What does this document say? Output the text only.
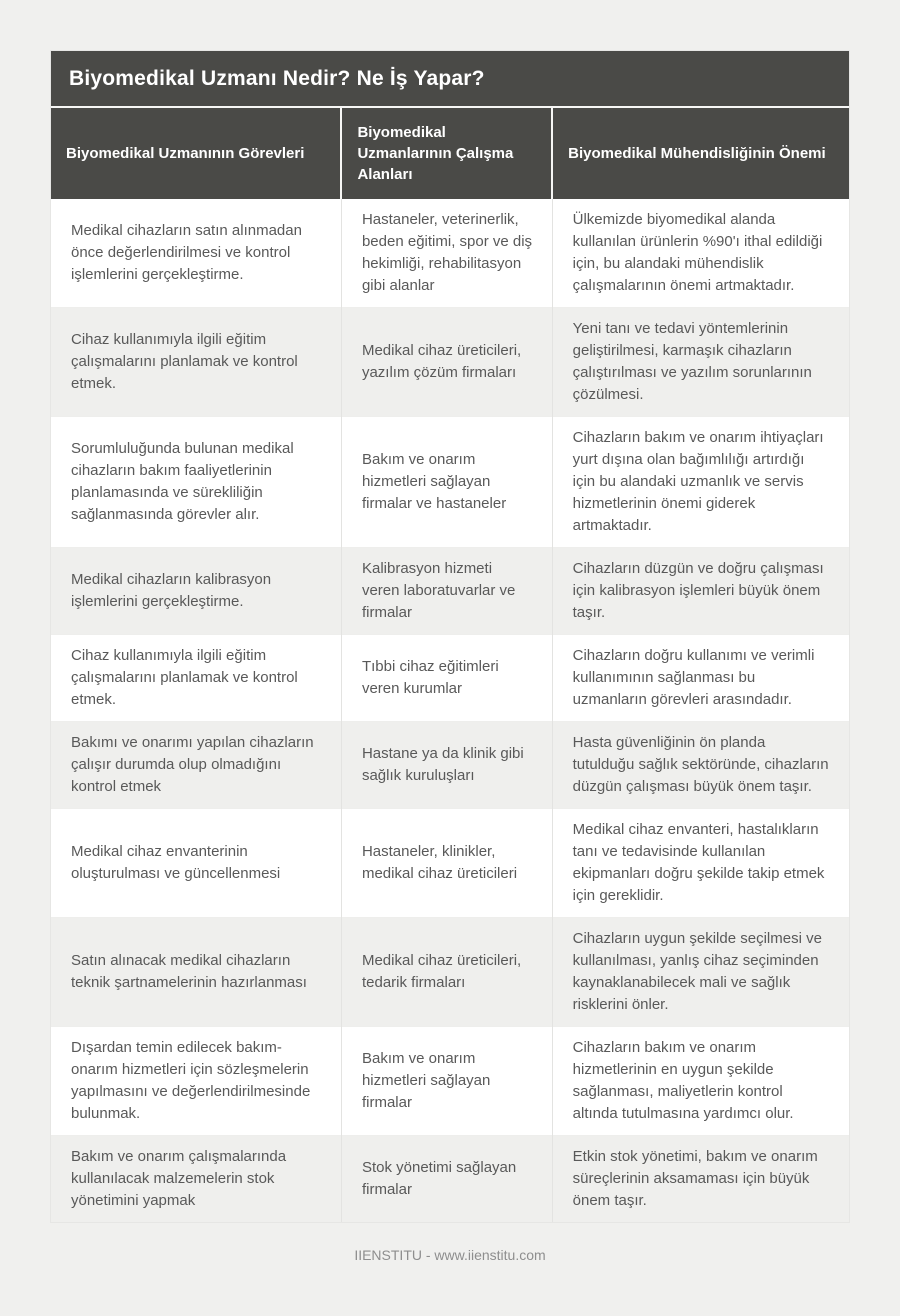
Biyomedikal Uzmanı Nedir? Ne İş Yapar?
Biyomedikal Uzmanının Görevleri	Biyomedikal Uzmanlarının Çalışma Alanları	Biyomedikal Mühendisliğinin Önemi
Medikal cihazların satın alınmadan önce değerlendirilmesi ve kontrol işlemlerini gerçekleştirme.	Hastaneler, veterinerlik, beden eğitimi, spor ve diş hekimliği, rehabilitasyon gibi alanlar	Ülkemizde biyomedikal alanda kullanılan ürünlerin %90'ı ithal edildiği için, bu alandaki mühendislik çalışmalarının önemi artmaktadır.
Cihaz kullanımıyla ilgili eğitim çalışmalarını planlamak ve kontrol etmek.	Medikal cihaz üreticileri, yazılım çözüm firmaları	Yeni tanı ve tedavi yöntemlerinin geliştirilmesi, karmaşık cihazların çalıştırılması ve yazılım sorunlarının çözülmesi.
Sorumluluğunda bulunan medikal cihazların bakım faaliyetlerinin planlamasında ve sürekliliğin sağlanmasında görevler alır.	Bakım ve onarım hizmetleri sağlayan firmalar ve hastaneler	Cihazların bakım ve onarım ihtiyaçları yurt dışına olan bağımlılığı artırdığı için bu alandaki uzmanlık ve servis hizmetlerinin önemi giderek artmaktadır.
Medikal cihazların kalibrasyon işlemlerini gerçekleştirme.	Kalibrasyon hizmeti veren laboratuvarlar ve firmalar	Cihazların düzgün ve doğru çalışması için kalibrasyon işlemleri büyük önem taşır.
Cihaz kullanımıyla ilgili eğitim çalışmalarını planlamak ve kontrol etmek.	Tıbbi cihaz eğitimleri veren kurumlar	Cihazların doğru kullanımı ve verimli kullanımının sağlanması bu uzmanların görevleri arasındadır.
Bakımı ve onarımı yapılan cihazların çalışır durumda olup olmadığını kontrol etmek	Hastane ya da klinik gibi sağlık kuruluşları	Hasta güvenliğinin ön planda tutulduğu sağlık sektöründe, cihazların düzgün çalışması büyük önem taşır.
Medikal cihaz envanterinin oluşturulması ve güncellenmesi	Hastaneler, klinikler, medikal cihaz üreticileri	Medikal cihaz envanteri, hastalıkların tanı ve tedavisinde kullanılan ekipmanları doğru şekilde takip etmek için gereklidir.
Satın alınacak medikal cihazların teknik şartnamelerinin hazırlanması	Medikal cihaz üreticileri, tedarik firmaları	Cihazların uygun şekilde seçilmesi ve kullanılması, yanlış cihaz seçiminden kaynaklanabilecek mali ve sağlık risklerini önler.
Dışardan temin edilecek bakım-onarım hizmetleri için sözleşmelerin yapılmasını ve değerlendirilmesinde bulunmak.	Bakım ve onarım hizmetleri sağlayan firmalar	Cihazların bakım ve onarım hizmetlerinin en uygun şekilde sağlanması, maliyetlerin kontrol altında tutulmasına yardımcı olur.
Bakım ve onarım çalışmalarında kullanılacak malzemelerin stok yönetimini yapmak	Stok yönetimi sağlayan firmalar	Etkin stok yönetimi, bakım ve onarım süreçlerinin aksamaması için büyük önem taşır.
IIENSTITU - www.iienstitu.com
